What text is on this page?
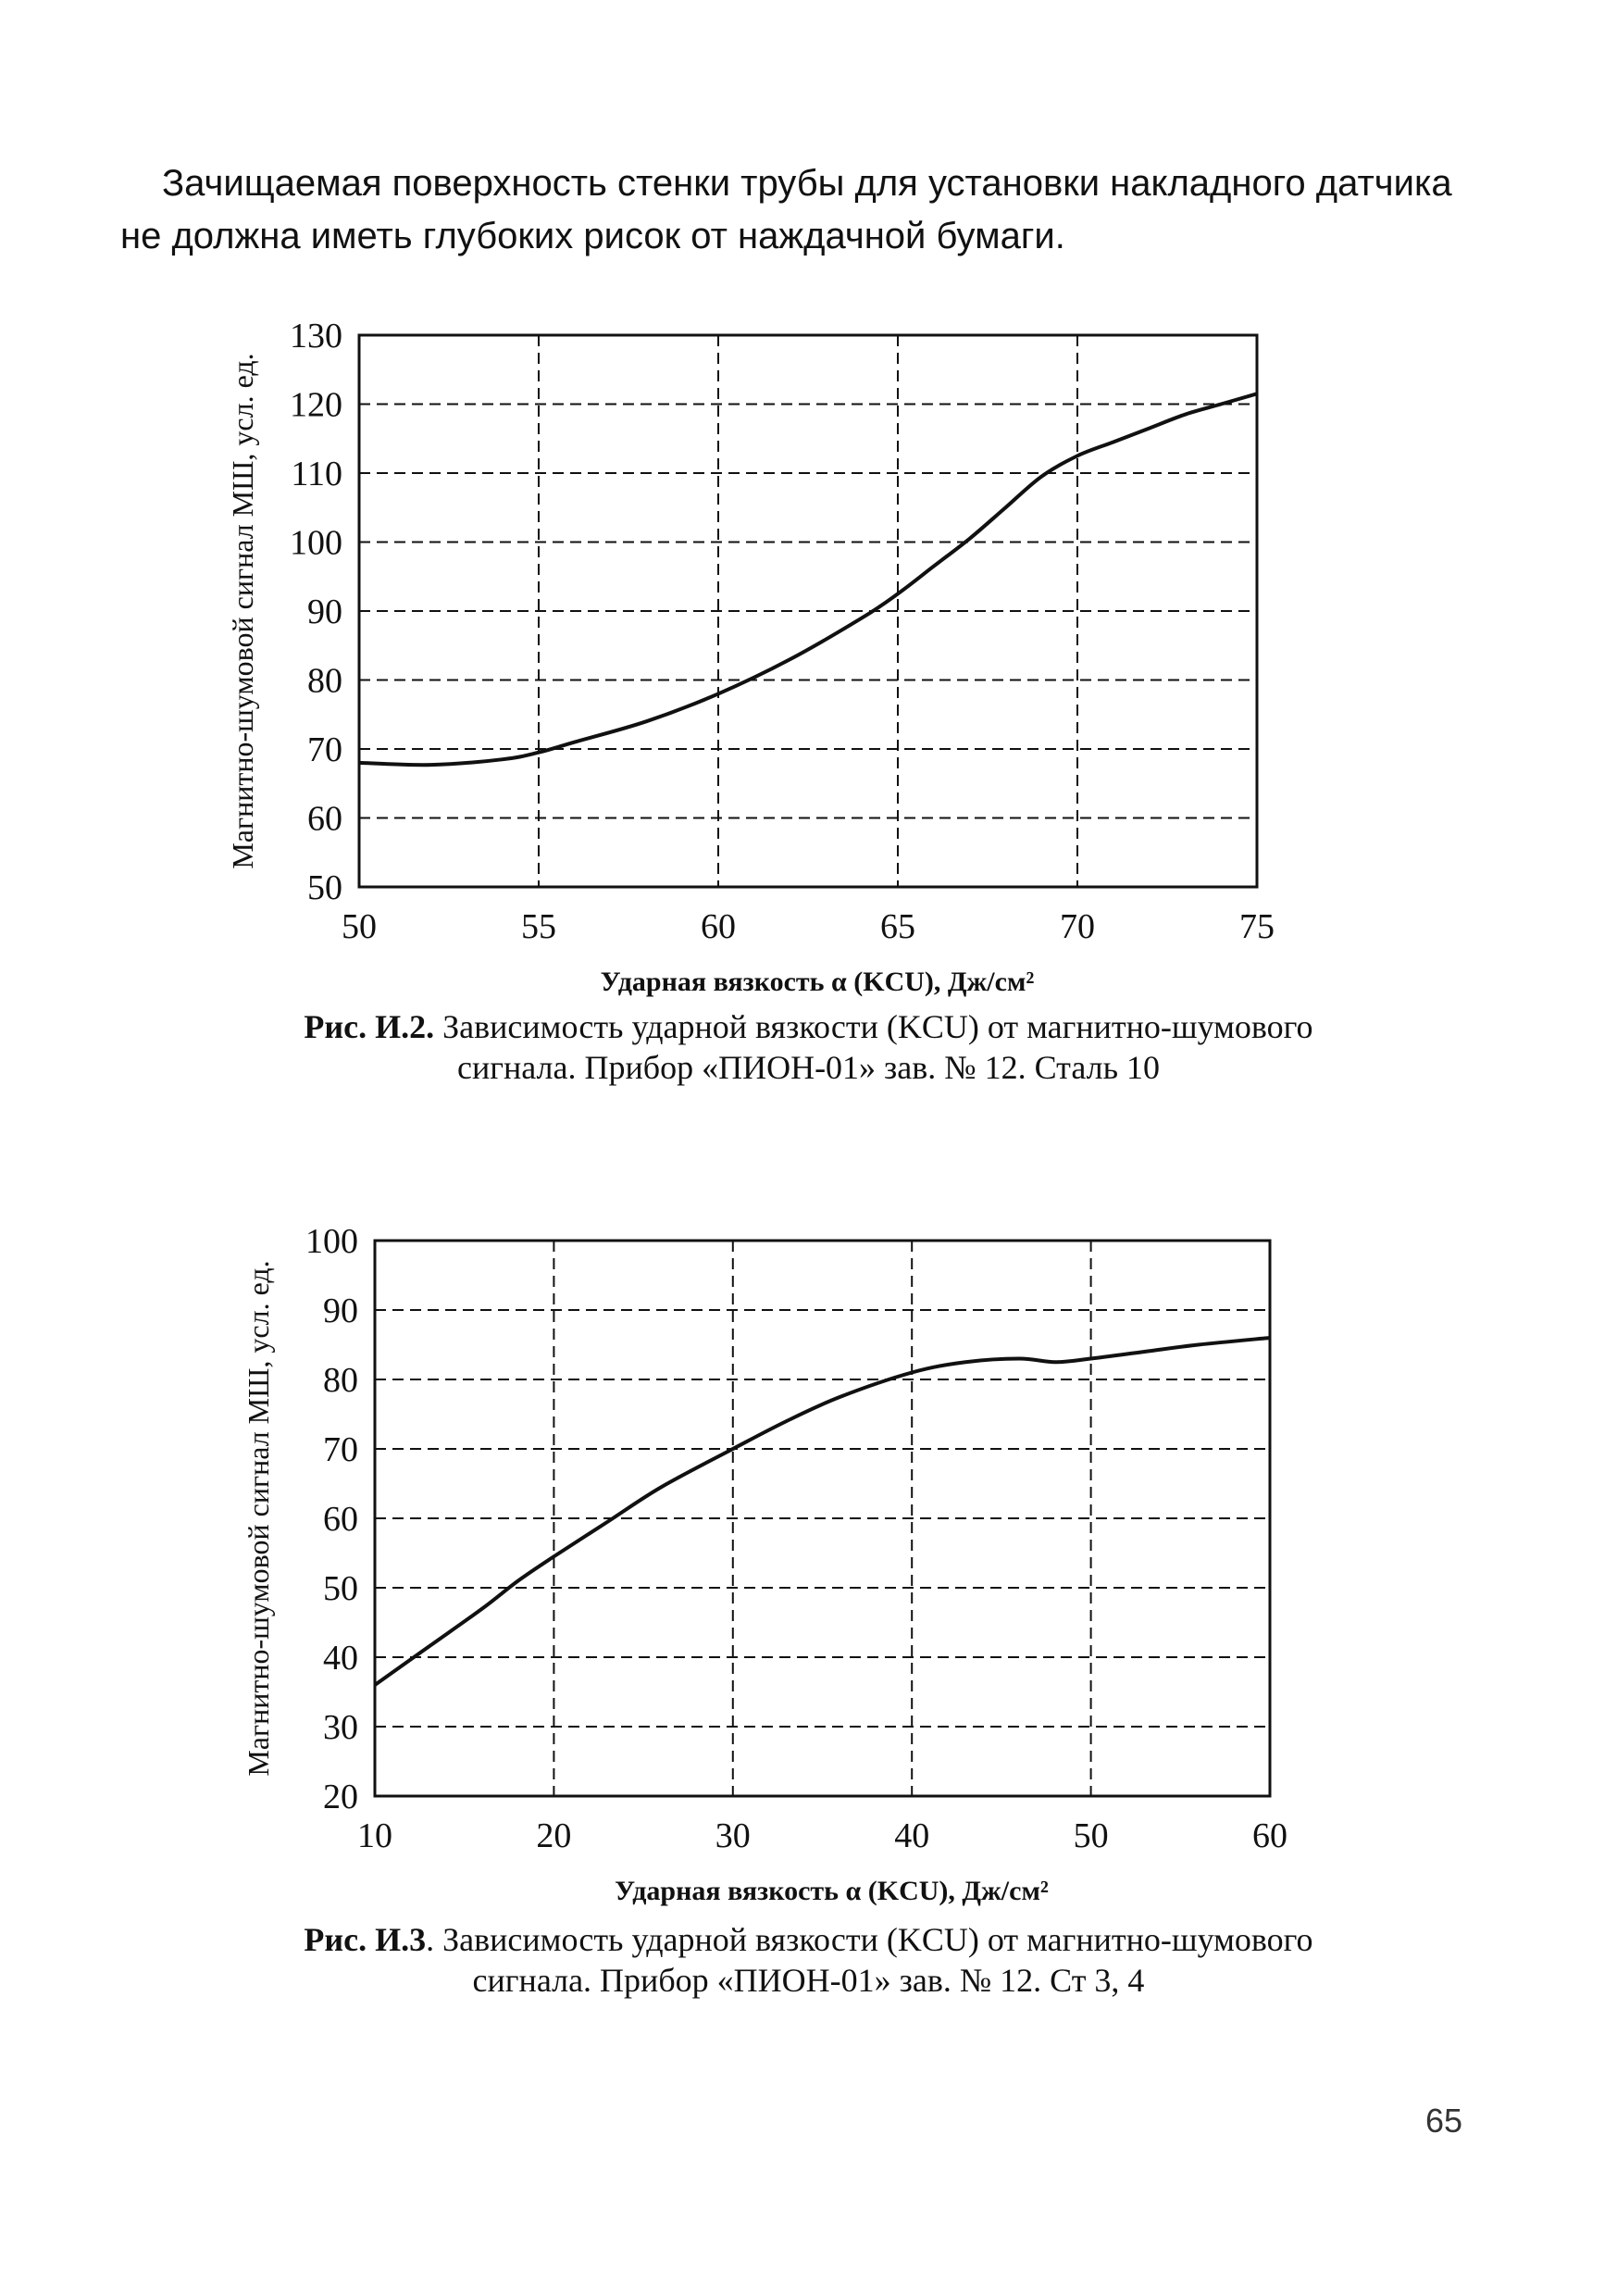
Зачищаемая поверхность стенки трубы для установки накладного датчика

не должна иметь глубоких рисок от наждачной бумаги.

50
60
70
80
90
100
110
120
130
50	55	60	65	70	75
Ударная вязкость α (KCU), Дж/см²
Магнитно-шумовой сигнал МШ, усл. ед.

Рис. И.2. Зависимость ударной вязкости (KCU) от магнитно-шумового

сигнала. Прибор «ПИОН-01» зав. № 12. Сталь 10

20
30
40
50
60
70
80
90
100
10	20	30	40	50	60
Ударная вязкость α (KCU), Дж/см²
Магнитно-шумовой сигнал МШ, усл. ед.

Рис. И.3. Зависимость ударной вязкости (KCU) от магнитно-шумового

сигнала. Прибор «ПИОН-01» зав. № 12. Ст 3, 4

65
